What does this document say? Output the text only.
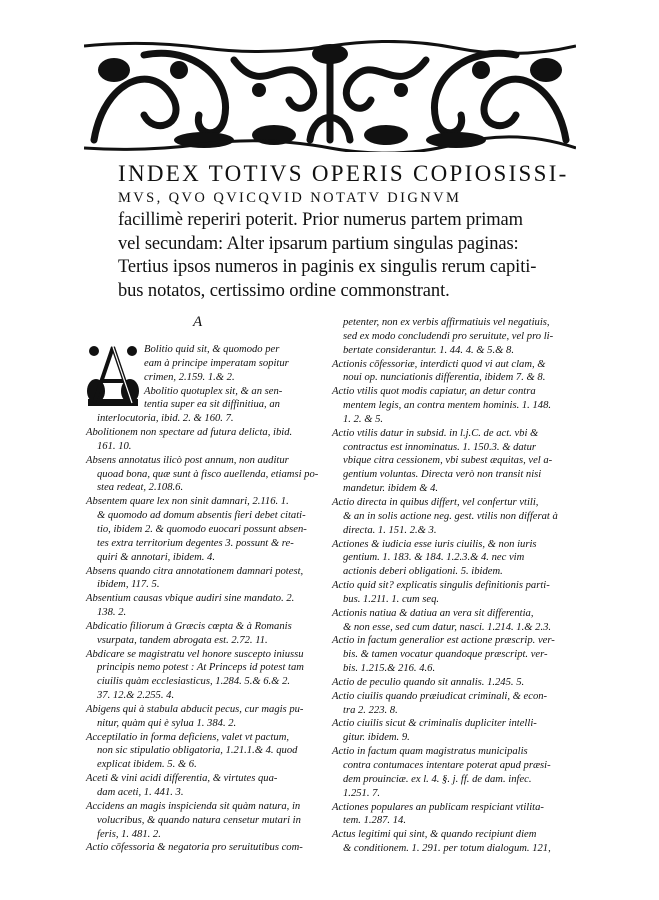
INDEX TOTIVS OPERIS COPIOSISSI-
MVS, QVO QVICQVID NOTATV DIGNVM
facillimè reperiri poterit. Prior numerus partem primam
vel secundam: Alter ipsarum partium singulas paginas:
Tertius ipsos numeros in paginis ex singulis rerum capiti-
bus notatos, certissimo ordine commonstrant.
A
Bolitio quid sit, & quomodo per
eam à principe imperatam sopitur
crimen, 2.159. 1.& 2.
Abolitio quotuplex sit, & an sen-
tentia super ea sit diffinitiua, an
interlocutoria, ibid. 2. & 160. 7.
Abolitionem non spectare ad futura delicta, ibid.
161. 10.
Absens annotatus ilicò post annum, non auditur
quoad bona, quæ sunt à fisco auellenda, etiamsi po-
stea redeat, 2.108.6.
Absentem quare lex non sinit damnari, 2.116. 1.
& quomodo ad domum absentis fieri debet citati-
tio, ibidem 2. & quomodo euocari possunt absen-
tes extra territorium degentes 3. possunt & re-
quiri & annotari, ibidem. 4.
Absens quando citra annotationem damnari potest,
ibidem, 117. 5.
Absentium causas vbique audiri sine mandato. 2.
138. 2.
Abdicatio filiorum à Græcis cœpta & à Romanis
vsurpata, tandem abrogata est. 2.72. 11.
Abdicare se magistratu vel honore suscepto iniussu
principis nemo potest : At Princeps id potest tam
ciuilis quàm ecclesiasticus, 1.284. 5.& 6.& 2.
37. 12.& 2.255. 4.
Abigens qui à stabula abducit pecus, cur magis pu-
nitur, quàm qui è sylua 1. 384. 2.
Acceptilatio in forma deficiens, valet vt pactum,
non sic stipulatio obligatoria, 1.21.1.& 4. quod
explicat ibidem. 5. & 6.
Aceti & vini acidi differentia, & virtutes qua-
dam aceti, 1. 441. 3.
Accidens an magis inspicienda sit quàm natura, in
volucribus, & quando natura censetur mutari in
feris, 1. 481. 2.
Actio cōfessoria & negatoria pro seruitutibus com-
petenter, non ex verbis affirmatiuis vel negatiuis,
sed ex modo concludendi pro seruitute, vel pro li-
bertate considerantur. 1. 44. 4. & 5.& 8.
Actionis cōfessoriæ, interdicti quod vi aut clam, &
noui op. nunciationis differentia, ibidem 7. & 8.
Actio vtilis quot modis capiatur, an detur contra
mentem legis, an contra mentem hominis. 1. 148.
1. 2. & 5.
Actio vtilis datur in subsid. in l.j.C. de act. vbi &
contractus est innominatus. 1. 150.3. & datur
vbique citra cessionem, vbi subest æquitas, vel a-
gentium voluntas. Directa verò non transit nisi
mandetur. ibidem & 4.
Actio directa in quibus differt, vel confertur vtili,
& an in solis actione neg. gest. vtilis non differat à
directa. 1. 151. 2.& 3.
Actiones & iudicia esse iuris ciuilis, & non iuris
gentium. 1. 183. & 184. 1.2.3.& 4. nec vim
actionis deberi obligationi. 5. ibidem.
Actio quid sit? explicatis singulis definitionis parti-
bus. 1.211. 1. cum seq.
Actionis natiua & datiua an vera sit differentia,
& non esse, sed cum datur, nasci. 1.214. 1.& 2.3.
Actio in factum generalior est actione præscrip. ver-
bis. & tamen vocatur quandoque præscript. ver-
bis. 1.215.& 216. 4.6.
Actio de peculio quando sit annalis. 1.245. 5.
Actio ciuilis quando præiudicat criminali, & econ-
tra 2. 223. 8.
Actio ciuilis sicut & criminalis dupliciter intelli-
gitur. ibidem. 9.
Actio in factum quam magistratus municipalis
contra contumaces intentare poterat apud præsi-
dem prouinciæ. ex l. 4. §. j. ff. de dam. infec.
1.251. 7.
Actiones populares an publicam respiciant vtilita-
tem. 1.287. 14.
Actus legitimi qui sint, & quando recipiunt diem
& conditionem. 1. 291. per totum dialogum. 121,
